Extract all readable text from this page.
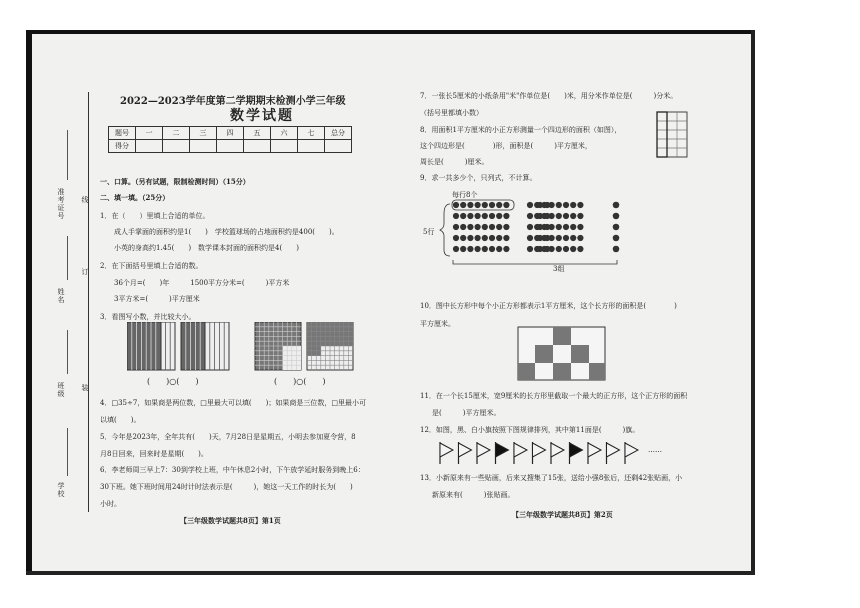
准考证号 线
姓名
订
班级 装
学校
2022—2023学年度第二学期期末检测小学三年级
数学试题
题号	一	二	三	四	五	六	七	总分
得分								
一、口算。（另有试题，限制检测时间）（15分）
二、填一填。（25分）
1．在（　　）里填上合适的单位。
成人手掌面的面积约是1(　　)　学校篮球场的占地面积约是400(　　)。
小英的身高约1.45(　　)　数学课本封面的面积约是4(　　)
2．在下面括号里填上合适的数。
36个月=(　　)年　　　1500平方分米=(　　　)平方米
3平方米=(　　　)平方厘米
3．看图写小数，并比较大小。
(　　)○(　　)	(　　)○(　　)
4．□35÷7，如果商是两位数，□里最大可以填(　　)；如果商是三位数，□里最小可
以填(　　)。
5．今年是2023年，全年共有(　　)天，7月28日是星期五，小明去参加夏令营，8
月8日回来，回来时是星期(　　)。
6．李老师周三早上7：30到学校上班，中午休息2小时，下午放学延时服务到晚上6：
30下班。她下班时间用24时计时法表示是(　　　)，她这一天工作的时长为(　　)
小时。
【三年级数学试题共8页】第1页
7．一张长5厘米的小纸条用"米"作单位是(　　)米，用分米作单位是(　　　)分米。
（括号里都填小数）
8．用面积1平方厘米的小正方形测量一个四边形的面积（如图），
这个四边形是(　　　　)形，面积是(　　　)平方厘米，
周长是(　　　)厘米。
9．求一共多少个，只列式，不计算。
每行8个
5行
3组
10．图中长方形中每个小正方形都表示1平方厘米，这个长方形的面积是(　　　　)
平方厘米。
11．在一个长15厘米，宽9厘米的长方形里截取一个最大的正方形，这个正方形的面积
是(　　　)平方厘米。
12．如图，黑、白小旗按照下图规律排列，其中第11面是(　　　)旗。
……
13．小新原来有一些贴画，后来又搜集了15张，送给小强8张后，还剩42张贴画，小
新原来有(　　　)张贴画。
【三年级数学试题共8页】第2页
